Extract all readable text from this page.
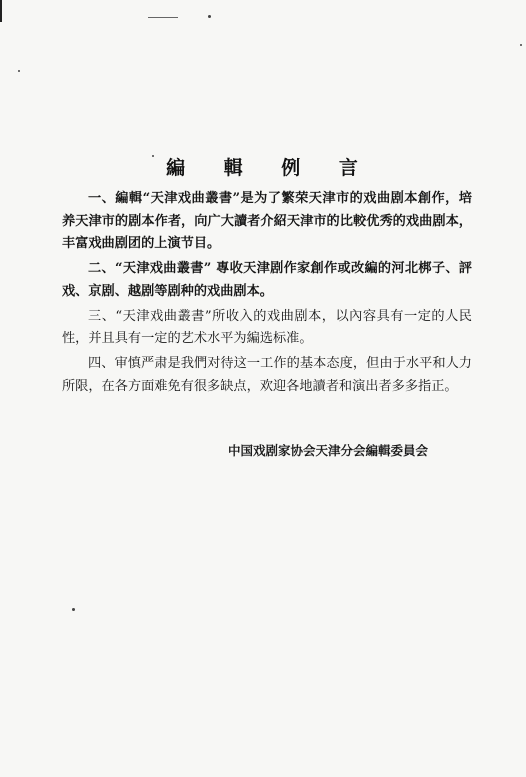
編 輯 例 言

一、編輯“天津戏曲叢書”是为了繁荣天津市的戏曲剧本創作，培养天津市的剧本作者，向广大讀者介紹天津市的比較优秀的戏曲剧本，丰富戏曲剧团的上演节目。

二、“天津戏曲叢書” 專收天津剧作家創作或改編的河北梆子、評戏、京剧、越剧等剧种的戏曲剧本。

三、“天津戏曲叢書”所收入的戏曲剧本，以內容具有一定的人民性，并且具有一定的艺术水平为編选标准。

四、审慎严肃是我們对待这一工作的基本态度，但由于水平和人力所限，在各方面难免有很多缺点，欢迎各地讀者和演出者多多指正。

中国戏剧家协会天津分会編輯委員会
